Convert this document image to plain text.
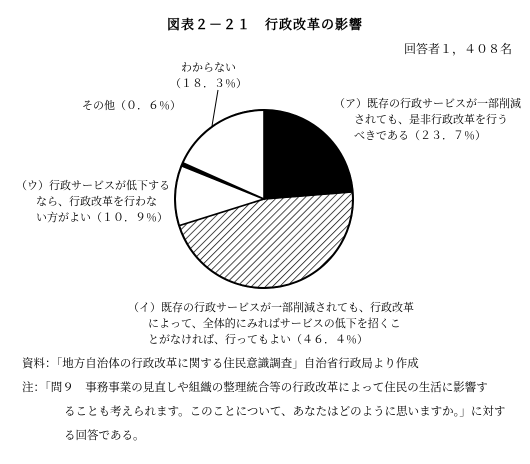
図表２－２１　行政改革の影響
回答者１，４０８名
（ア）既存の行政サービスが一部削減
されても、是非行政改革を行う
べきである（２３．７％）
（イ）既存の行政サービスが一部削減されても、行政改革
によって、全体的にみればサービスの低下を招くこ
とがなければ、行ってもよい（４６．４％）
（ウ）行政サービスが低下する
なら、行政改革を行わな
い方がよい（１０．９％）
その他（０．６％）
わからない
（１８．３％）
資料：「地方自治体の行政改革に関する住民意識調査」自治省行政局より作成
注：「問９　事務事業の見直しや組織の整理統合等の行政改革によって住民の生活に影響す
ることも考えられます。このことについて、あなたはどのように思いますか。」に対す
る回答である。
